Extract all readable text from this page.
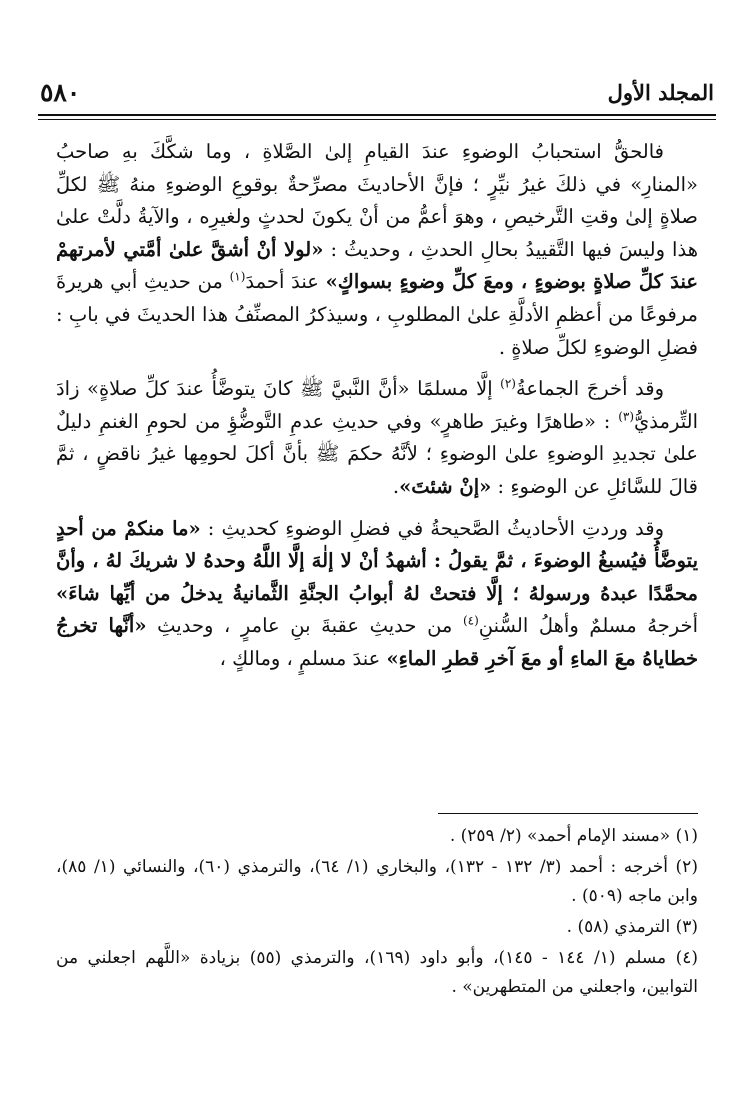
المجلد الأول
٥٨٠

فالحقُّ استحبابُ الوضوءِ عندَ القيامِ إلىٰ الصَّلاةِ ، وما شكَّكَ بهِ صاحبُ «المنارِ» في ذلكَ غيرُ نيِّرٍ ؛ فإنَّ الأحاديثَ مصرِّحةٌ بوقوعِ الوضوءِ منهُ ﷺ لكلِّ صلاةٍ إلىٰ وقتِ التَّرخيصِ ، وهوَ أعمُّ من أنْ يكونَ لحدثٍ ولغيرِه ، والآيةُ دلَّتْ علىٰ هذا وليسَ فيها التَّقييدُ بحالِ الحدثِ ، وحديثُ : «لولا أنْ أشقَّ علىٰ أمَّتي لأمرتهمْ عندَ كلِّ صلاةٍ بوضوءٍ ، ومعَ كلِّ وضوءٍ بسواكٍ» عندَ أحمدَ$^{(١)}$ من حديثِ أبي هريرةَ مرفوعًا من أعظمِ الأدلَّةِ علىٰ المطلوبِ ، وسيذكرُ المصنِّفُ هذا الحديثَ في بابِ : فضلِ الوضوءِ لكلِّ صلاةٍ .

وقد أخرجَ الجماعةُ$^{(٢)}$ إلَّا مسلمًا «أنَّ النَّبيَّ ﷺ كانَ يتوضَّأُ عندَ كلِّ صلاةٍ» زادَ التِّرمذيُّ$^{(٣)}$ : «طاهرًا وغيرَ طاهرٍ» وفي حديثِ عدمِ التَّوضُّؤِ من لحومِ الغنمِ دليلٌ علىٰ تجديدِ الوضوءِ علىٰ الوضوءِ ؛ لأنَّهُ حكمَ ﷺ بأنَّ أكلَ لحومِها غيرُ ناقضٍ ، ثمَّ قالَ للسَّائلِ عن الوضوءِ : «إنْ شئتَ».

وقد وردتِ الأحاديثُ الصَّحيحةُ في فضلِ الوضوءِ كحديثِ : «ما منكمْ من أحدٍ يتوضَّأُ فيُسبغُ الوضوءَ ، ثمَّ يقولُ : أشهدُ أنْ لا إلٰهَ إلَّا اللَّهُ وحدهُ لا شريكَ لهُ ، وأنَّ محمَّدًا عبدهُ ورسولهُ ؛ إلَّا فتحتْ لهُ أبوابُ الجنَّةِ الثَّمانيةُ يدخلُ من أيِّها شاءَ» أخرجهُ مسلمٌ وأهلُ السُّننِ$^{(٤)}$ من حديثِ عقبةَ بنِ عامرٍ ، وحديثِ «أنَّها تخرجُ خطاياهُ معَ الماءِ أو معَ آخرِ قطرِ الماءِ» عندَ مسلمٍ ، ومالكٍ ،

(١) «مسند الإمام أحمد» (٢/ ٢٥٩) .

(٢) أخرجه : أحمد (٣/ ١٣٢ - ١٣٢)، والبخاري (١/ ٦٤)، والترمذي (٦٠)، والنسائي (١/ ٨٥)، وابن ماجه (٥٠٩) .

(٣) الترمذي (٥٨) .

(٤) مسلم (١/ ١٤٤ - ١٤٥)، وأبو داود (١٦٩)، والترمذي (٥٥) بزيادة «اللَّهم اجعلني من التوابين، واجعلني من المتطهرين» .
